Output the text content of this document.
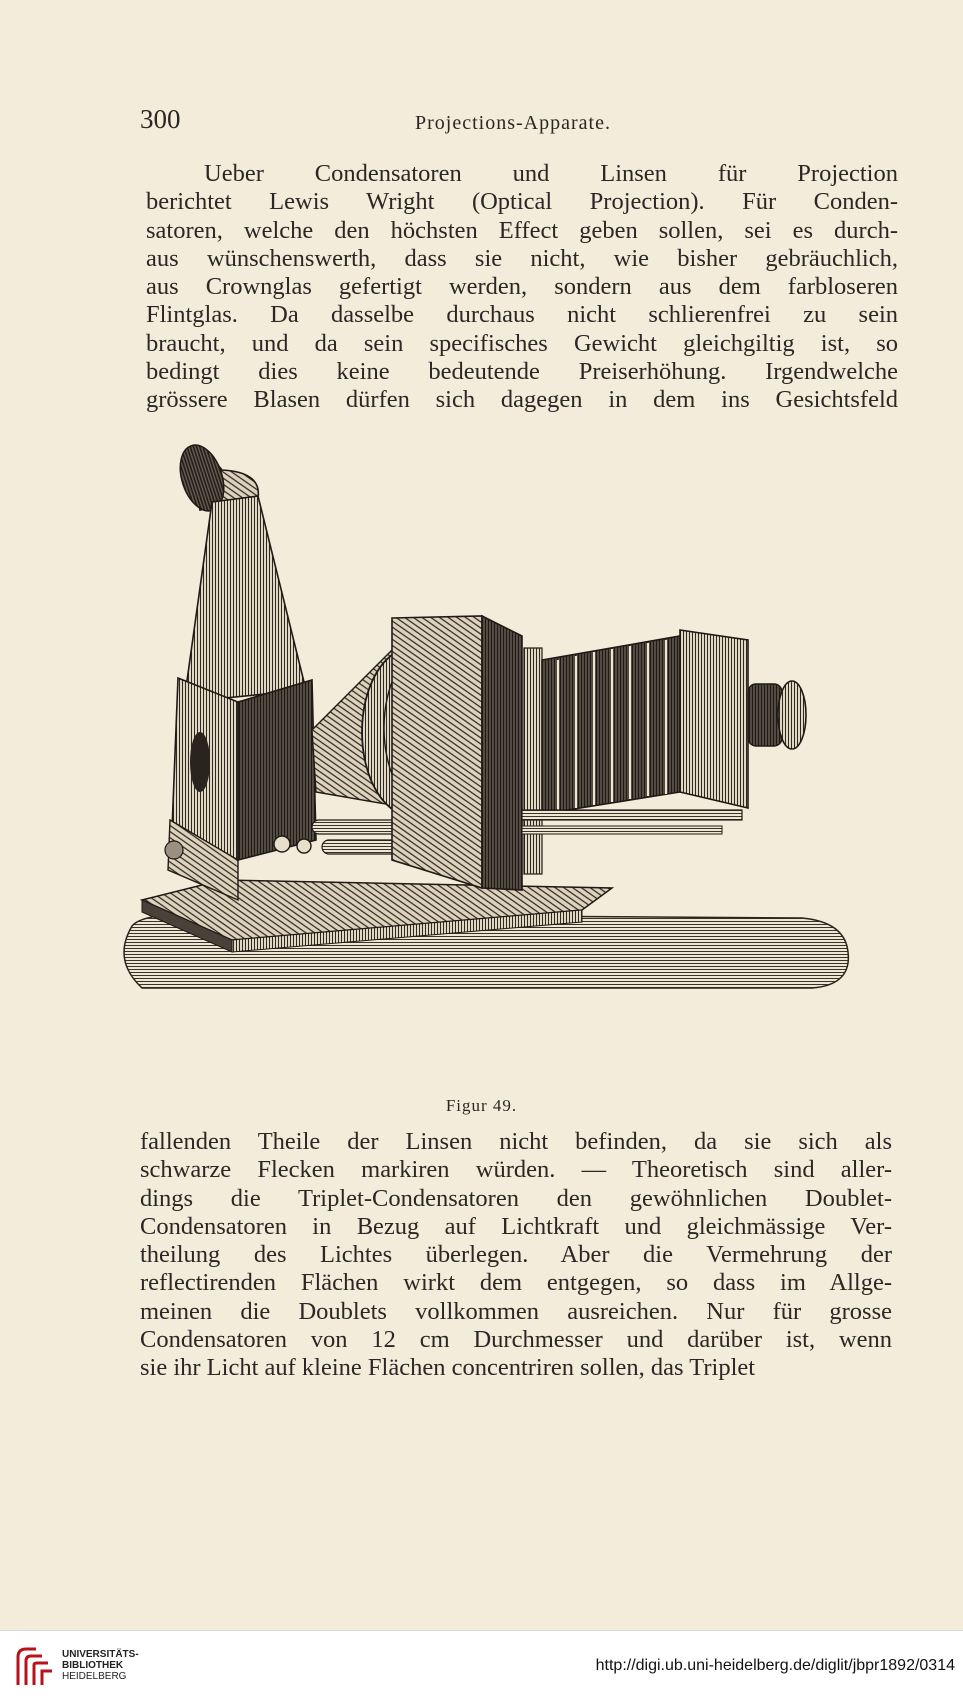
300	Projections-Apparate.
Ueber Condensatoren und Linsen für Projection
berichtet Lewis Wright (Optical Projection). Für Conden-
satoren, welche den höchsten Effect geben sollen, sei es durch-
aus wünschenswerth, dass sie nicht, wie bisher gebräuchlich,
aus Crownglas gefertigt werden, sondern aus dem farbloseren
Flintglas. Da dasselbe durchaus nicht schlierenfrei zu sein
braucht, und da sein specifisches Gewicht gleichgiltig ist, so
bedingt dies keine bedeutende Preiserhöhung. Irgendwelche
grössere Blasen dürfen sich dagegen in dem ins Gesichtsfeld
Figur 49.
fallenden Theile der Linsen nicht befinden, da sie sich als
schwarze Flecken markiren würden. — Theoretisch sind aller-
dings die Triplet-Condensatoren den gewöhnlichen Doublet-
Condensatoren in Bezug auf Lichtkraft und gleichmässige Ver-
theilung des Lichtes überlegen. Aber die Vermehrung der
reflectirenden Flächen wirkt dem entgegen, so dass im Allge-
meinen die Doublets vollkommen ausreichen. Nur für grosse
Condensatoren von 12 cm Durchmesser und darüber ist, wenn
sie ihr Licht auf kleine Flächen concentriren sollen, das Triplet
UNIVERSITÄTS-
BIBLIOTHEK
HEIDELBERG
http://digi.ub.uni-heidelberg.de/diglit/jbpr1892/0314
